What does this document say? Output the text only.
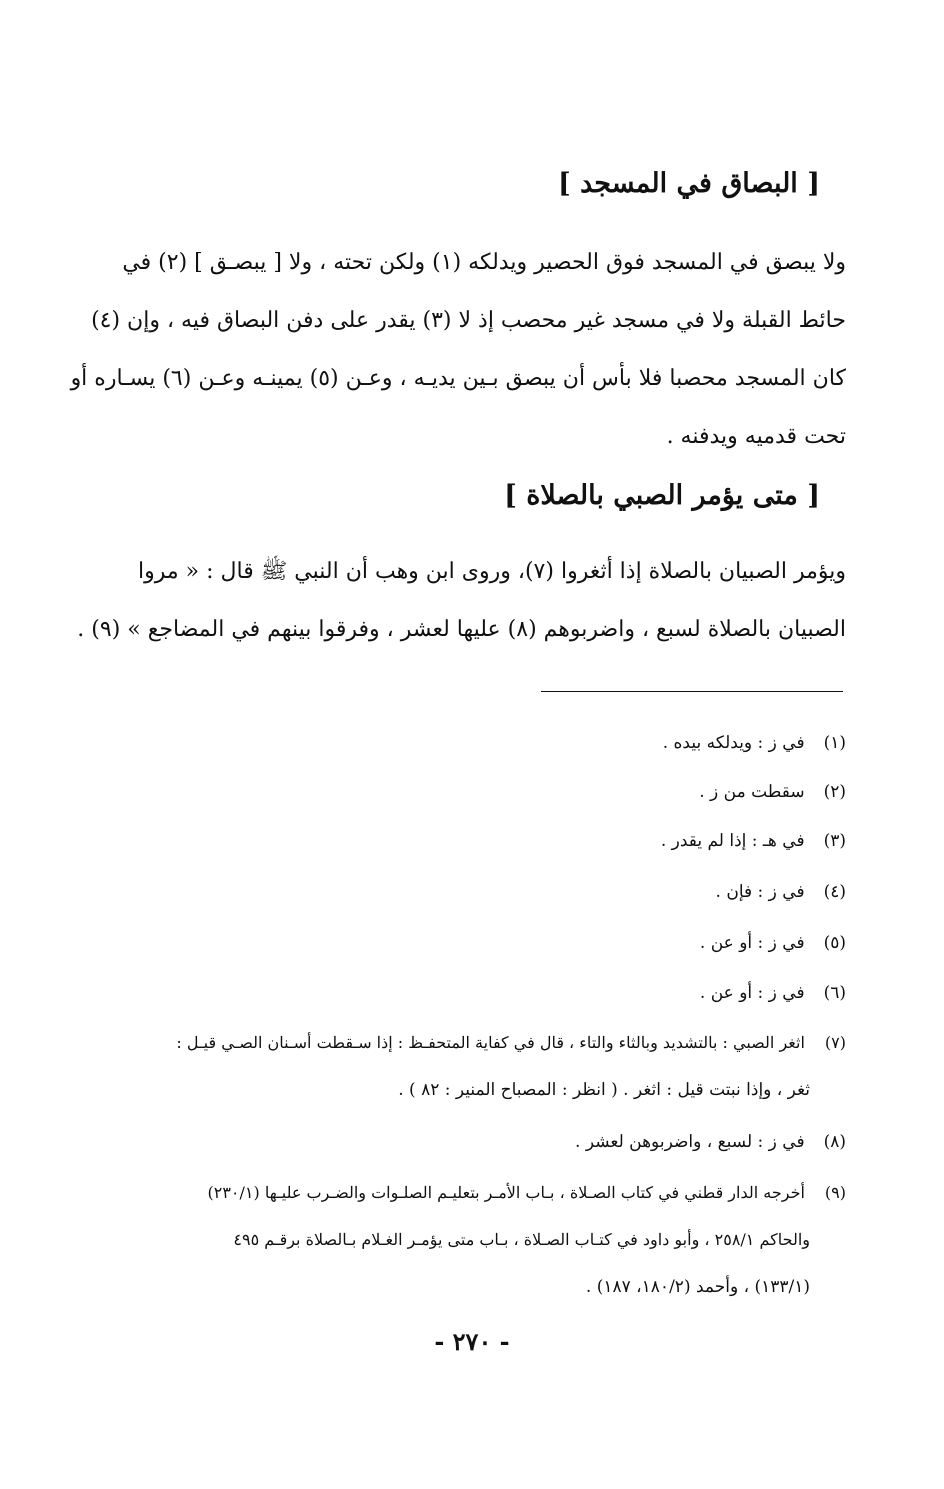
[ البصاق في المسجد ]
ولا يبصق في المسجد فوق الحصير ويدلكه (١) ولكن تحته ، ولا [ يبصـق ] (٢) في
حائط القبلة ولا في مسجد غير محصب إذ لا (٣) يقدر على دفن البصاق فيه ، وإن (٤)
كان المسجد محصبا فلا بأس أن يبصق بـين يديـه ، وعـن (٥) يمينـه وعـن (٦) يسـاره أو
تحت قدميه ويدفنه .
[ متى يؤمر الصبي بالصلاة ]
ويؤمر الصبيان بالصلاة إذا أثغروا (٧)، وروى ابن وهب أن النبي ﷺ قال : « مروا
الصبيان بالصلاة لسبع ، واضربوهم (٨) عليها لعشر ، وفرقوا بينهم في المضاجع » (٩) .
(١) في ز : ويدلكه بيده .
(٢) سقطت من ز .
(٣) في هـ : إذا لم يقدر .
(٤) في ز : فإن .
(٥) في ز : أو عن .
(٦) في ز : أو عن .
(٧) اثغر الصبي : بالتشديد وبالثاء والتاء ، قال في كفاية المتحفـظ : إذا سـقطت أسـنان الصـي قيـل :
ثغر ، وإذا نبتت قيل : اثغر . ( انظر : المصباح المنير : ٨٢ ) .
(٨) في ز : لسبع ، واضربوهن لعشر .
(٩) أخرجه الدار قطني في كتاب الصـلاة ، بـاب الأمـر بتعليـم الصلـوات والضـرب عليـها (٢٣٠/١)
والحاكم ٢٥٨/١ ، وأبو داود في كتـاب الصـلاة ، بـاب متى يؤمـر الغـلام بـالصلاة برقـم ٤٩٥
(١٣٣/١) ، وأحمد (١٨٠/٢، ١٨٧) .
- ٢٧٠ -
